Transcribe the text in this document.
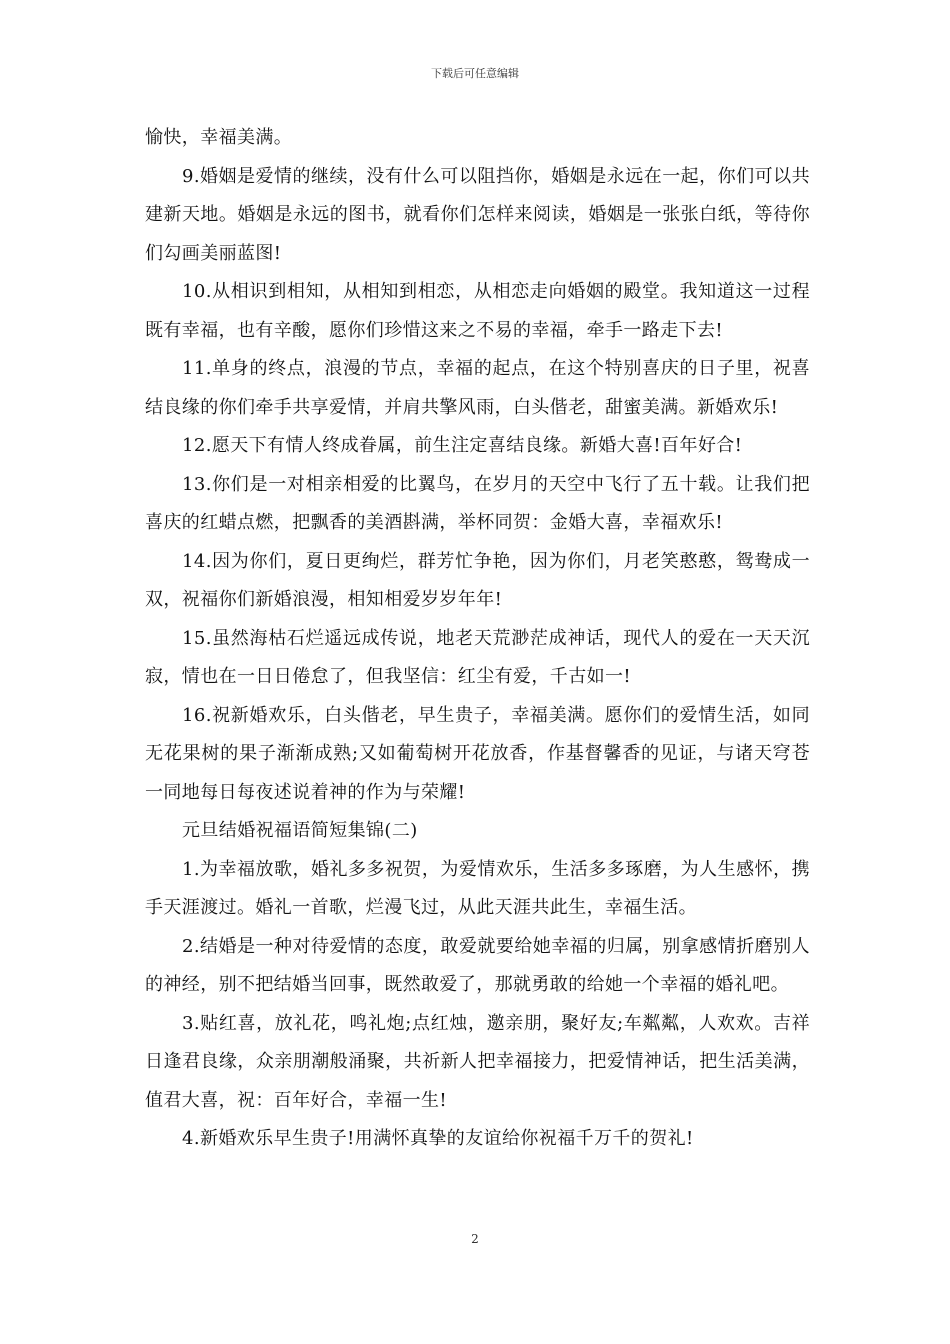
下载后可任意编辑

愉快，幸福美满。

9.婚姻是爱情的继续，没有什么可以阻挡你，婚姻是永远在一起，你们可以共建新天地。婚姻是永远的图书，就看你们怎样来阅读，婚姻是一张张白纸，等待你们勾画美丽蓝图!

10.从相识到相知，从相知到相恋，从相恋走向婚姻的殿堂。我知道这一过程既有幸福，也有辛酸，愿你们珍惜这来之不易的幸福，牵手一路走下去!

11.单身的终点，浪漫的节点，幸福的起点，在这个特别喜庆的日子里，祝喜结良缘的你们牵手共享爱情，并肩共擎风雨，白头偕老，甜蜜美满。新婚欢乐!

12.愿天下有情人终成眷属，前生注定喜结良缘。新婚大喜!百年好合!

13.你们是一对相亲相爱的比翼鸟，在岁月的天空中飞行了五十载。让我们把喜庆的红蜡点燃，把飘香的美酒斟满，举杯同贺：金婚大喜，幸福欢乐!

14.因为你们，夏日更绚烂，群芳忙争艳，因为你们，月老笑憨憨，鸳鸯成一双，祝福你们新婚浪漫，相知相爱岁岁年年!

15.虽然海枯石烂遥远成传说，地老天荒渺茫成神话，现代人的爱在一天天沉寂，情也在一日日倦怠了，但我坚信：红尘有爱，千古如一!

16.祝新婚欢乐，白头偕老，早生贵子，幸福美满。愿你们的爱情生活，如同无花果树的果子渐渐成熟;又如葡萄树开花放香，作基督馨香的见证，与诸天穹苍一同地每日每夜述说着神的作为与荣耀!

元旦结婚祝福语简短集锦(二)

1.为幸福放歌，婚礼多多祝贺，为爱情欢乐，生活多多琢磨，为人生感怀，携手天涯渡过。婚礼一首歌，烂漫飞过，从此天涯共此生，幸福生活。

2.结婚是一种对待爱情的态度，敢爱就要给她幸福的归属，别拿感情折磨别人的神经，别不把结婚当回事，既然敢爱了，那就勇敢的给她一个幸福的婚礼吧。

3.贴红喜，放礼花，鸣礼炮;点红烛，邀亲朋，聚好友;车粼粼，人欢欢。吉祥日逢君良缘，众亲朋潮般涌聚，共祈新人把幸福接力，把爱情神话，把生活美满，值君大喜，祝：百年好合，幸福一生!

4.新婚欢乐早生贵子!用满怀真挚的友谊给你祝福千万千的贺礼!

2
